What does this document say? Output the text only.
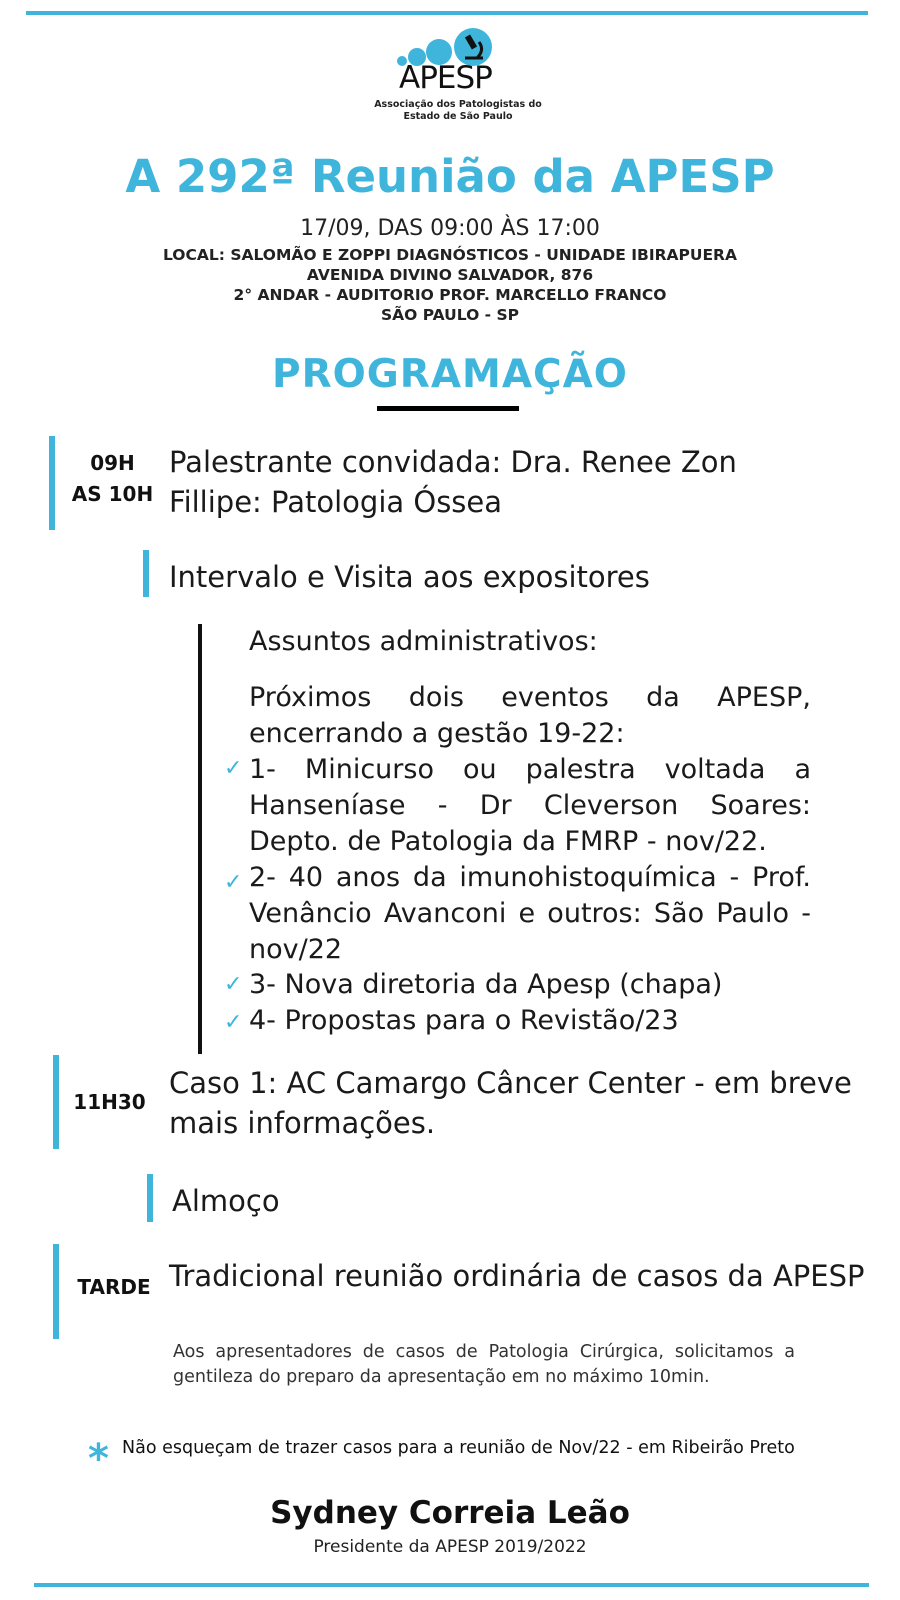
APESP
Associação dos Patologistas do Estado de São Paulo
A 292ª Reunião da APESP
17/09, DAS 09:00 ÀS 17:00
LOCAL: SALOMÃO E ZOPPI DIAGNÓSTICOS - UNIDADE IBIRAPUERA
AVENIDA DIVINO SALVADOR, 876
2° ANDAR - AUDITORIO PROF. MARCELLO FRANCO
SÃO PAULO - SP
PROGRAMAÇÃO
09H
AS 10H
Palestrante convidada: Dra. Renee Zon
Fillipe: Patologia Óssea
Intervalo e Visita aos expositores
Assuntos administrativos:
Próximos dois eventos da APESP, encerrando a gestão 19-22:
✓ 1- Minicurso ou palestra voltada a Hanseníase - Dr Cleverson Soares: Depto. de Patologia da FMRP - nov/22.
✓ 2- 40 anos da imunohistoquímica - Prof. Venâncio Avanconi e outros: São Paulo - nov/22
✓ 3- Nova diretoria da Apesp (chapa)
✓ 4- Propostas para o Revistão/23
11H30
Caso 1: AC Camargo Câncer Center - em breve mais informações.
Almoço
TARDE Tradicional reunião ordinária de casos da APESP
Aos apresentadores de casos de Patologia Cirúrgica, solicitamos a gentileza do preparo da apresentação em no máximo 10min.
* Não esqueçam de trazer casos para a reunião de Nov/22 - em Ribeirão Preto
Sydney Correia Leão
Presidente da APESP 2019/2022
